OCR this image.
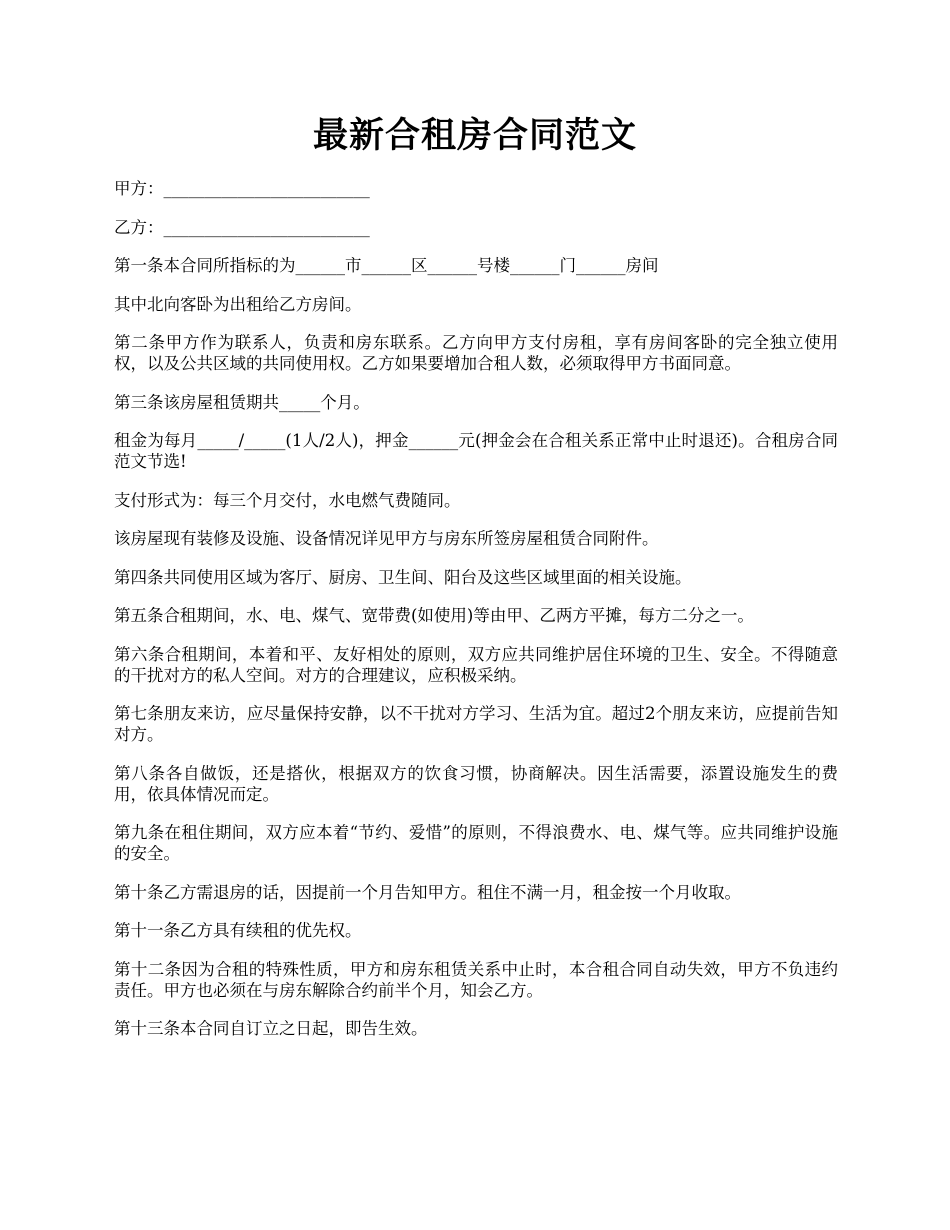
最新合租房合同范文

甲方：_________________________

乙方：_________________________

第一条本合同所指标的为______市______区______号楼______门______房间

其中北向客卧为出租给乙方房间。

第二条甲方作为联系人，负责和房东联系。乙方向甲方支付房租，享有房间客卧的完全独立使用权，以及公共区域的共同使用权。乙方如果要增加合租人数，必须取得甲方书面同意。

第三条该房屋租赁期共_____个月。

租金为每月_____/_____(1人/2人)，押金______元(押金会在合租关系正常中止时退还)。合租房合同范文节选!

支付形式为：每三个月交付，水电燃气费随同。

该房屋现有装修及设施、设备情况详见甲方与房东所签房屋租赁合同附件。

第四条共同使用区域为客厅、厨房、卫生间、阳台及这些区域里面的相关设施。

第五条合租期间，水、电、煤气、宽带费(如使用)等由甲、乙两方平摊，每方二分之一。

第六条合租期间，本着和平、友好相处的原则，双方应共同维护居住环境的卫生、安全。不得随意的干扰对方的私人空间。对方的合理建议，应积极采纳。

第七条朋友来访，应尽量保持安静，以不干扰对方学习、生活为宜。超过2个朋友来访，应提前告知对方。

第八条各自做饭，还是搭伙，根据双方的饮食习惯，协商解决。因生活需要，添置设施发生的费用，依具体情况而定。

第九条在租住期间，双方应本着“节约、爱惜”的原则，不得浪费水、电、煤气等。应共同维护设施的安全。

第十条乙方需退房的话，因提前一个月告知甲方。租住不满一月，租金按一个月收取。

第十一条乙方具有续租的优先权。

第十二条因为合租的特殊性质，甲方和房东租赁关系中止时，本合租合同自动失效，甲方不负违约责任。甲方也必须在与房东解除合约前半个月，知会乙方。

第十三条本合同自订立之日起，即告生效。
